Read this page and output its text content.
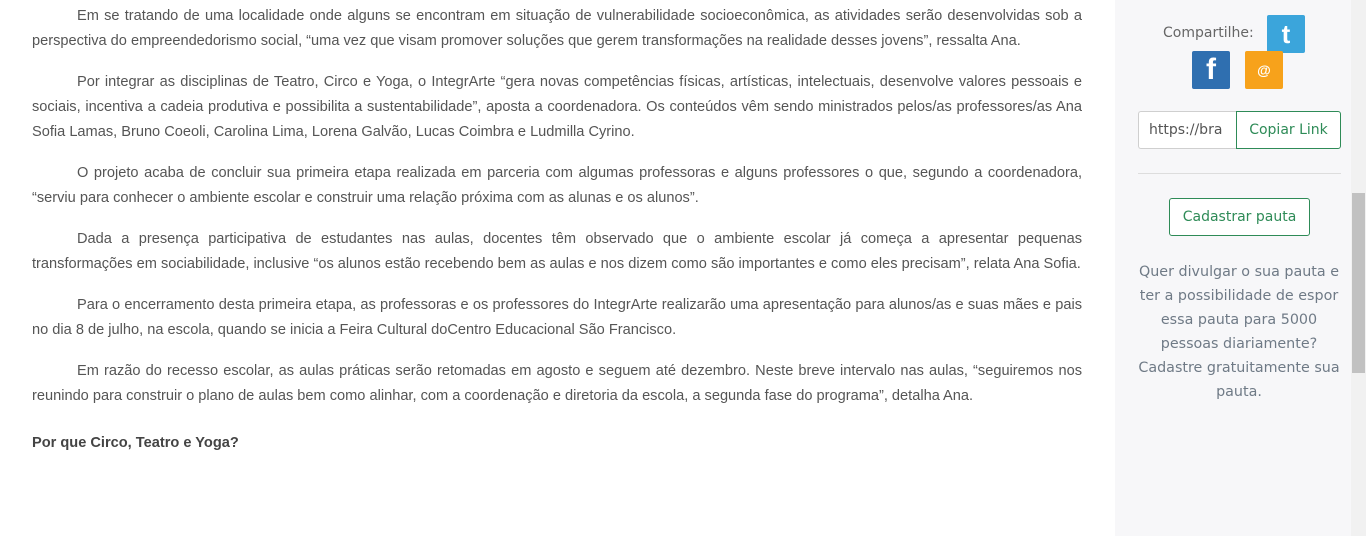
Em se tratando de uma localidade onde alguns se encontram em situação de vulnerabilidade socioeconômica, as atividades serão desenvolvidas sob a perspectiva do empreendedorismo social, “uma vez que visam promover soluções que gerem transformações na realidade desses jovens”, ressalta Ana.

Por integrar as disciplinas de Teatro, Circo e Yoga, o IntegrArte “gera novas competências físicas, artísticas, intelectuais, desenvolve valores pessoais e sociais, incentiva a cadeia produtiva e possibilita a sustentabilidade”, aposta a coordenadora. Os conteúdos vêm sendo ministrados pelos/as professores/as Ana Sofia Lamas, Bruno Coeoli, Carolina Lima, Lorena Galvão, Lucas Coimbra e Ludmilla Cyrino.

O projeto acaba de concluir sua primeira etapa realizada em parceria com algumas professoras e alguns professores o que, segundo a coordenadora, “serviu para conhecer o ambiente escolar e construir uma relação próxima com as alunas e os alunos”.

Dada a presença participativa de estudantes nas aulas, docentes têm observado que o ambiente escolar já começa a apresentar pequenas transformações em sociabilidade, inclusive “os alunos estão recebendo bem as aulas e nos dizem como são importantes e como eles precisam”, relata Ana Sofia.

Para o encerramento desta primeira etapa, as professoras e os professores do IntegrArte realizarão uma apresentação para alunos/as e suas mães e pais no dia 8 de julho, na escola, quando se inicia a Feira Cultural doCentro Educacional São Francisco.

Em razão do recesso escolar, as aulas práticas serão retomadas em agosto e seguem até dezembro. Neste breve intervalo nas aulas, “seguiremos nos reunindo para construir o plano de aulas bem como alinhar, com a coordenação e diretoria da escola, a segunda fase do programa”, detalha Ana.

Por que Circo, Teatro e Yoga?
Compartilhe: t
f	@
https://bra
Copiar Link
Cadastrar pauta

Quer divulgar o sua pauta e ter a possibilidade de espor essa pauta para 5000 pessoas diariamente? Cadastre gratuitamente sua pauta.
